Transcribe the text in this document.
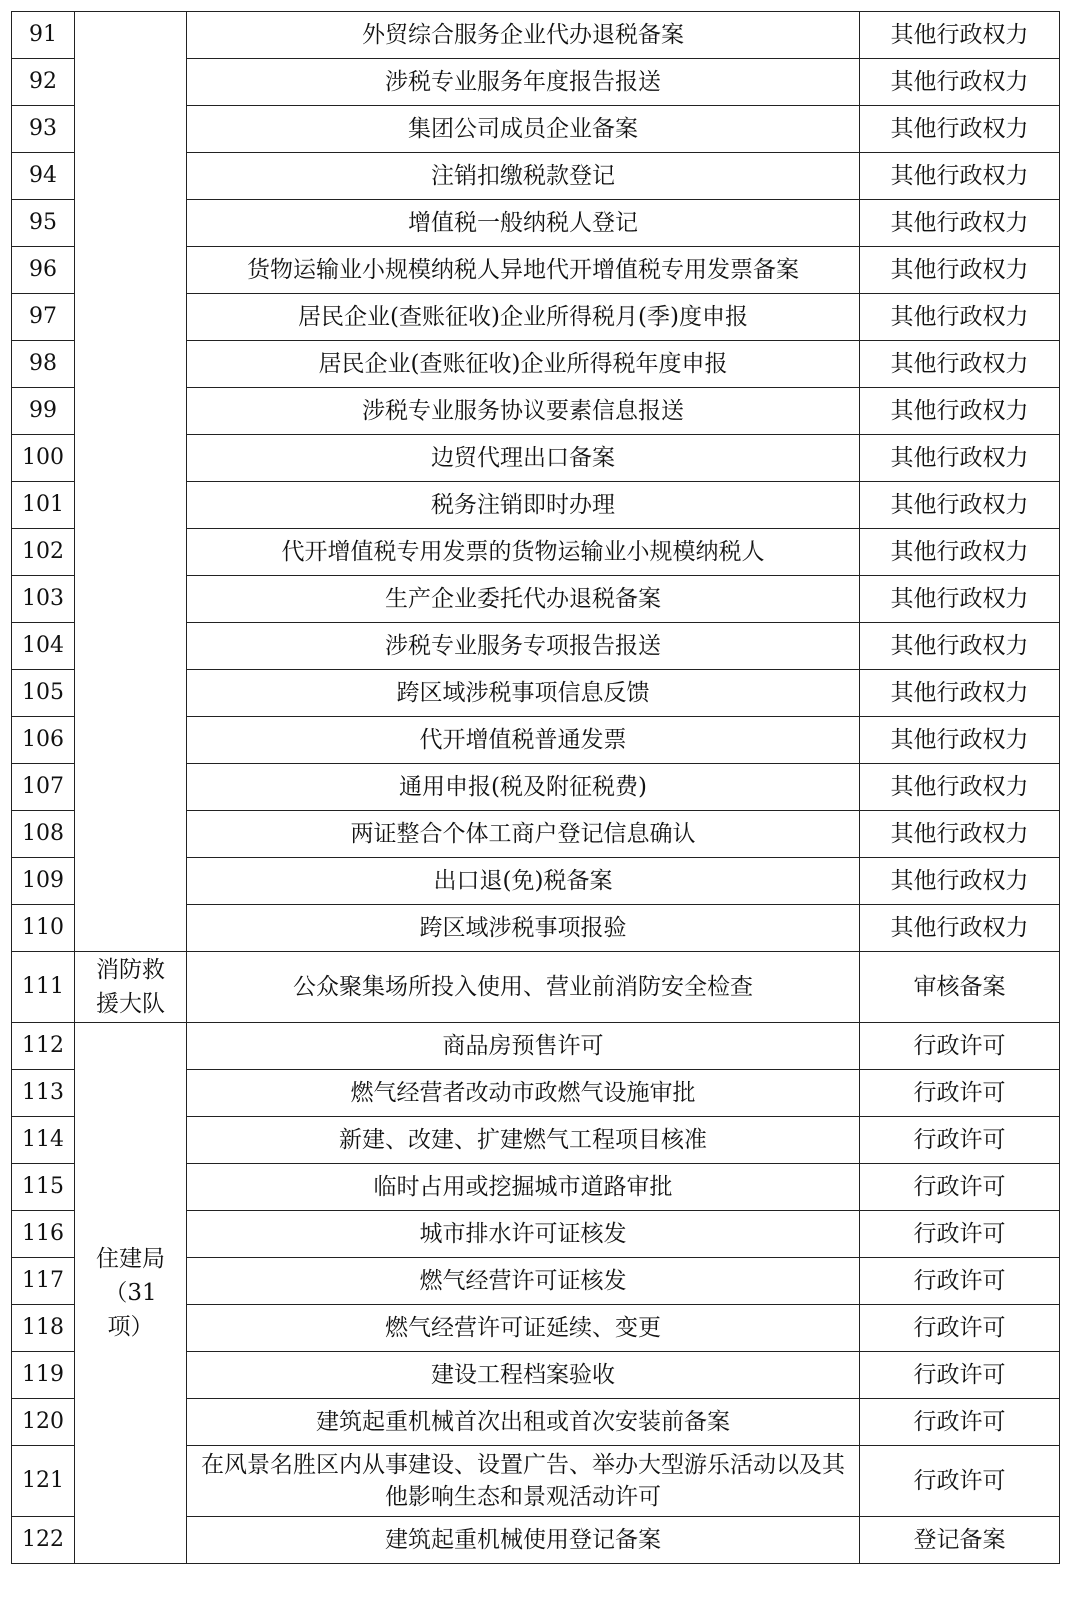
91		外贸综合服务企业代办退税备案	其他行政权力
92		涉税专业服务年度报告报送	其他行政权力
93		集团公司成员企业备案	其他行政权力
94		注销扣缴税款登记	其他行政权力
95		增值税一般纳税人登记	其他行政权力
96		货物运输业小规模纳税人异地代开增值税专用发票备案	其他行政权力
97		居民企业(查账征收)企业所得税月(季)度申报	其他行政权力
98		居民企业(查账征收)企业所得税年度申报	其他行政权力
99		涉税专业服务协议要素信息报送	其他行政权力
100		边贸代理出口备案	其他行政权力
101		税务注销即时办理	其他行政权力
102		代开增值税专用发票的货物运输业小规模纳税人	其他行政权力
103		生产企业委托代办退税备案	其他行政权力
104		涉税专业服务专项报告报送	其他行政权力
105		跨区域涉税事项信息反馈	其他行政权力
106		代开增值税普通发票	其他行政权力
107		通用申报(税及附征税费)	其他行政权力
108		两证整合个体工商户登记信息确认	其他行政权力
109		出口退(免)税备案	其他行政权力
110		跨区域涉税事项报验	其他行政权力
111	消防救援大队	公众聚集场所投入使用、营业前消防安全检查	审核备案
112	住建局（31项）	商品房预售许可	行政许可
113		燃气经营者改动市政燃气设施审批	行政许可
114		新建、改建、扩建燃气工程项目核准	行政许可
115		临时占用或挖掘城市道路审批	行政许可
116		城市排水许可证核发	行政许可
117		燃气经营许可证核发	行政许可
118		燃气经营许可证延续、变更	行政许可
119		建设工程档案验收	行政许可
120		建筑起重机械首次出租或首次安装前备案	行政许可
121		在风景名胜区内从事建设、设置广告、举办大型游乐活动以及其他影响生态和景观活动许可	行政许可
122		建筑起重机械使用登记备案	登记备案
